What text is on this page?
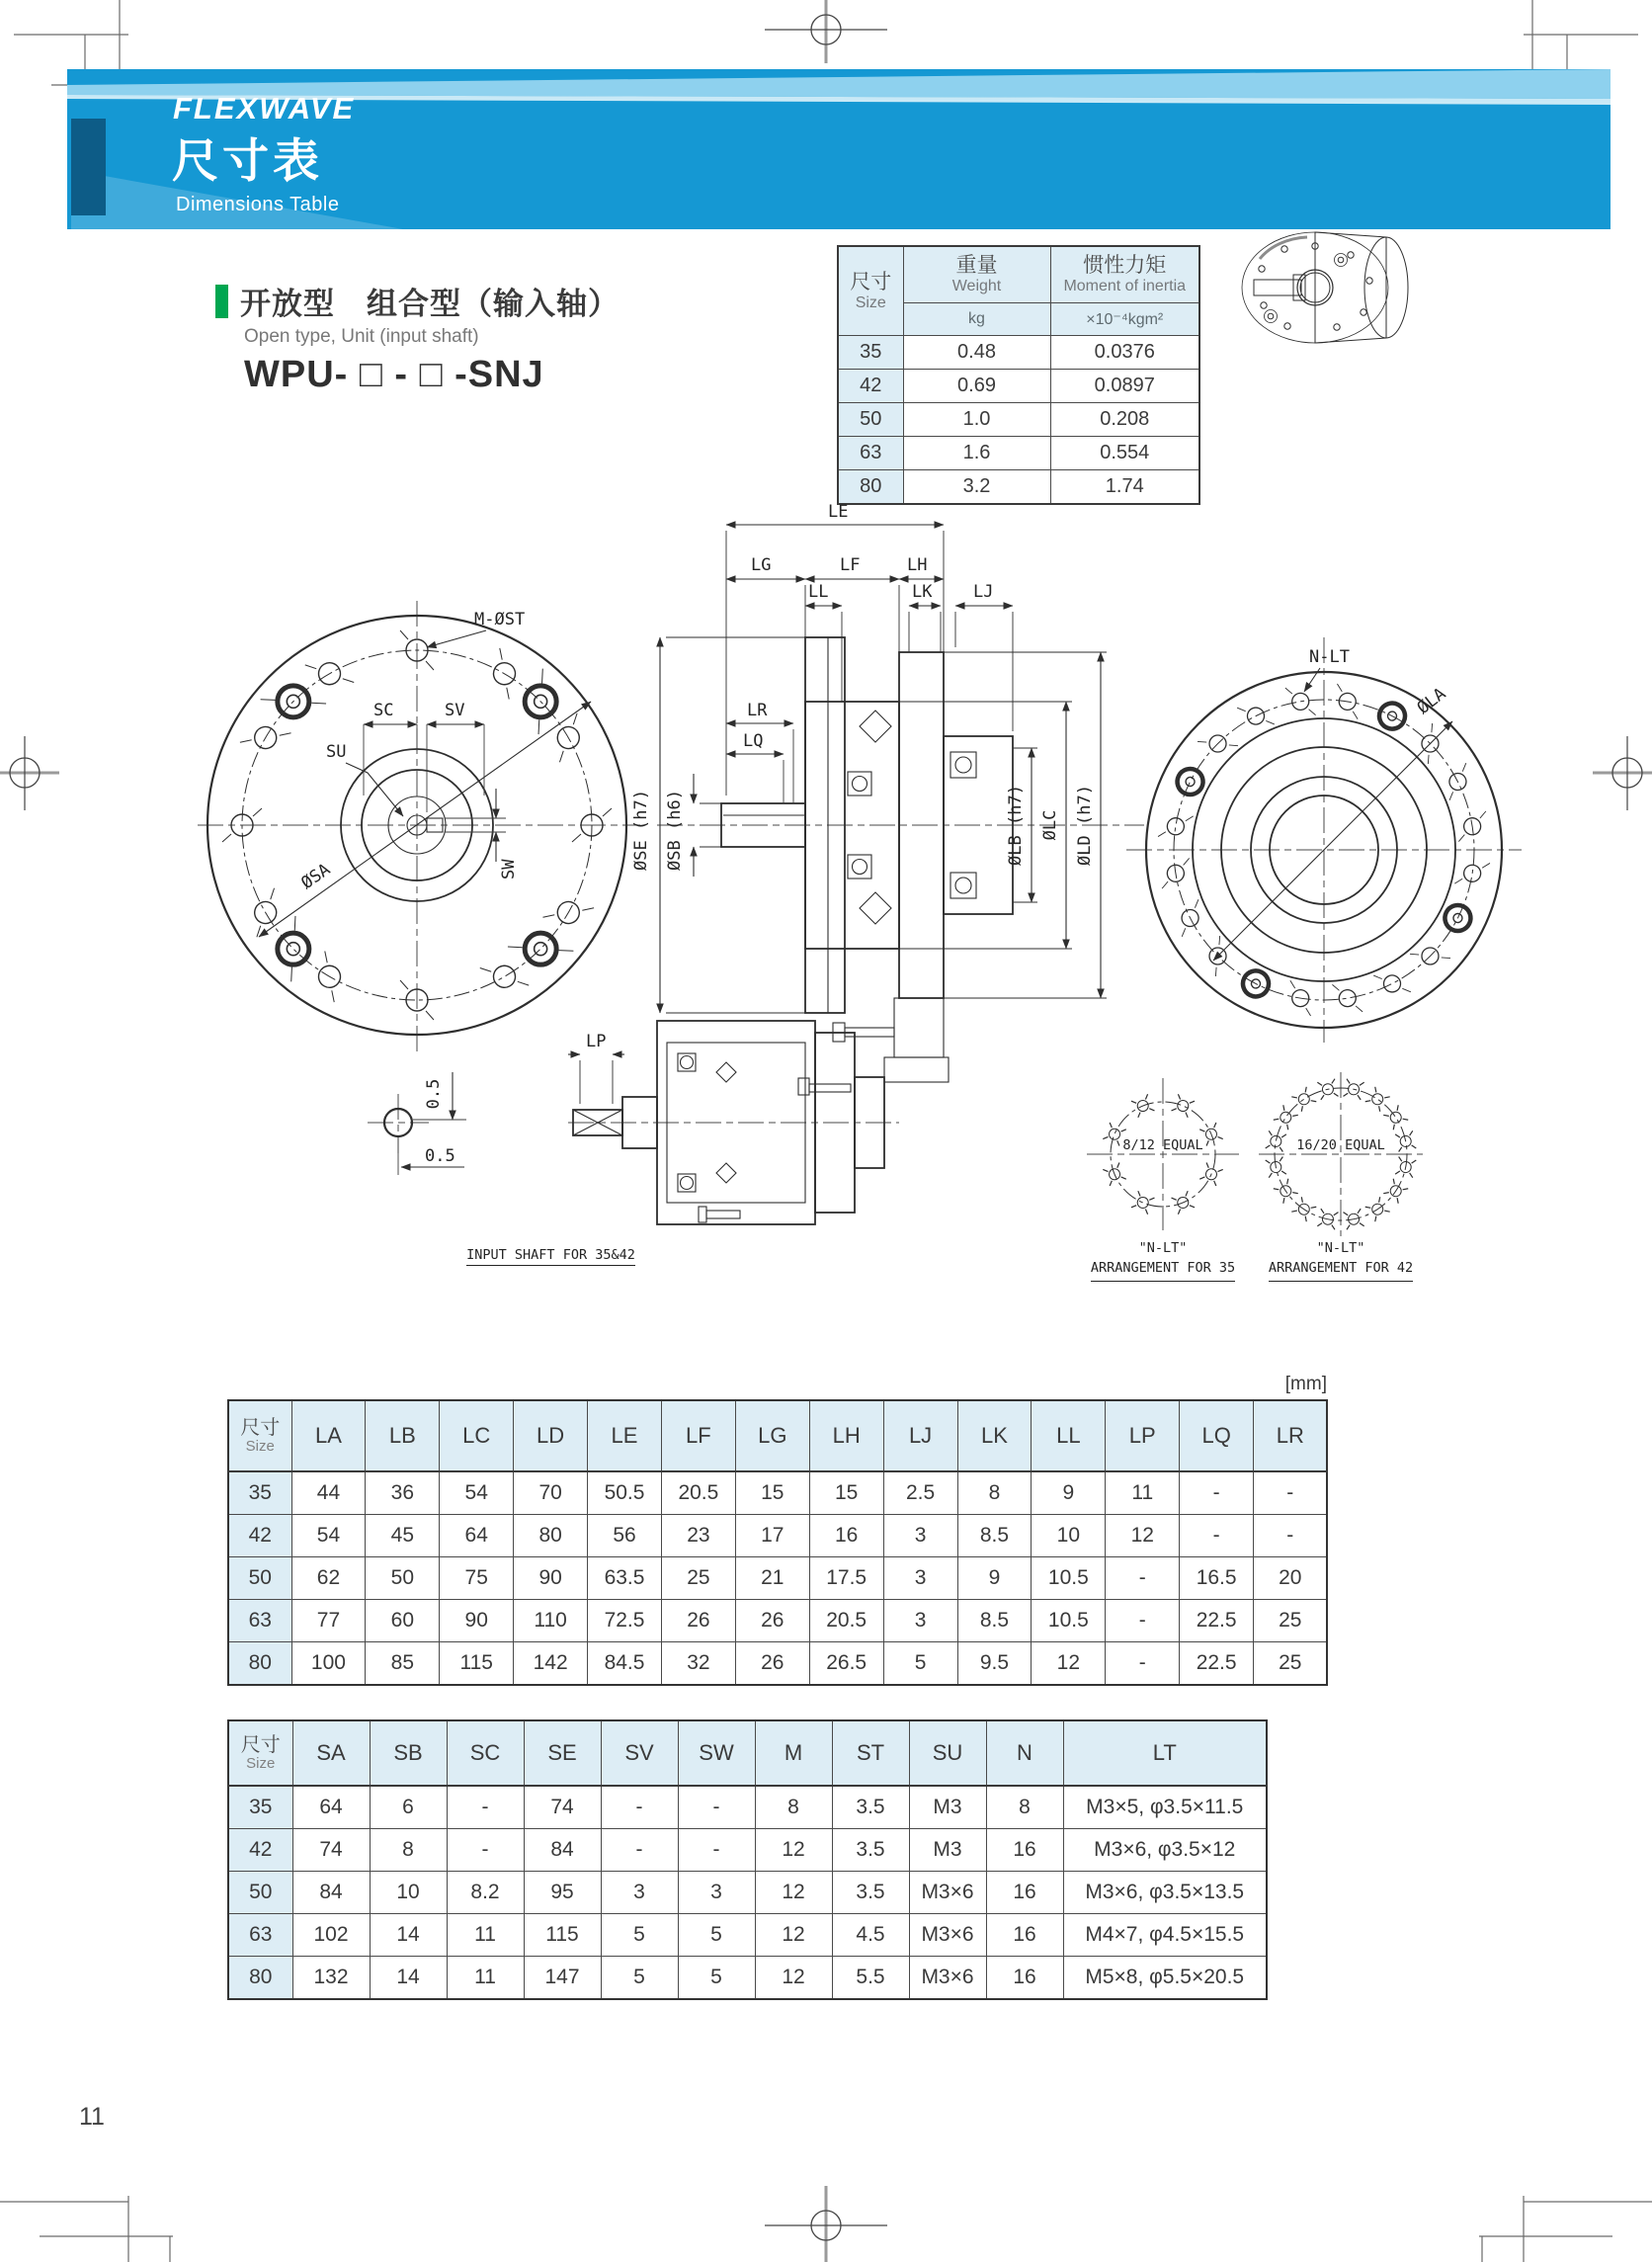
FLEXWAVE
尺寸表
Dimensions Table
开放型　组合型（输入轴）
Open type, Unit (input shaft)
WPU- □ - □ -SNJ
尺寸
Size	重量
Weight	惯性力矩
Moment of inertia

	kg	×10⁻⁴kgm²
35	0.48	0.0376
42	0.69	0.0897
50	1.0	0.208
63	1.6	0.554
80	3.2	1.74
SC	SV
SU
ØSA	SW
M-ØST
LE
LG	LF	LH
LL	LK LJ
LR
LQ
ØSE (h7) ØSB (h6)	ØLB (h7) ØLC ØLD (h7)
N-LT
ØLA
0.5
0.5
LP
INPUT SHAFT FOR 35&42
8/12 EQUAL
"N-LT"
ARRANGEMENT FOR 35
16/20 EQUAL
"N-LT"
ARRANGEMENT FOR 42
[mm]
尺寸
Size	LA	LB	LC	LD	LE	LF	LG	LH	LJ	LK	LL	LP	LQ	LR
35	44	36	54	70	50.5	20.5	15	15	2.5	8	9	11	-	-
42	54	45	64	80	56	23	17	16	3	8.5	10	12	-	-
50	62	50	75	90	63.5	25	21	17.5	3	9	10.5	-	16.5	20
63	77	60	90	110	72.5	26	26	20.5	3	8.5	10.5	-	22.5	25
80	100	85	115	142	84.5	32	26	26.5	5	9.5	12	-	22.5	25
尺寸
Size	SA	SB	SC	SE	SV	SW	M	ST	SU	N	LT
35	64	6	-	74	-	-	8	3.5	M3	8	M3×5, φ3.5×11.5
42	74	8	-	84	-	-	12	3.5	M3	16	M3×6, φ3.5×12
50	84	10	8.2	95	3	3	12	3.5	M3×6	16	M3×6, φ3.5×13.5
63	102	14	11	115	5	5	12	4.5	M3×6	16	M4×7, φ4.5×15.5
80	132	14	11	147	5	5	12	5.5	M3×6	16	M5×8, φ5.5×20.5
11
